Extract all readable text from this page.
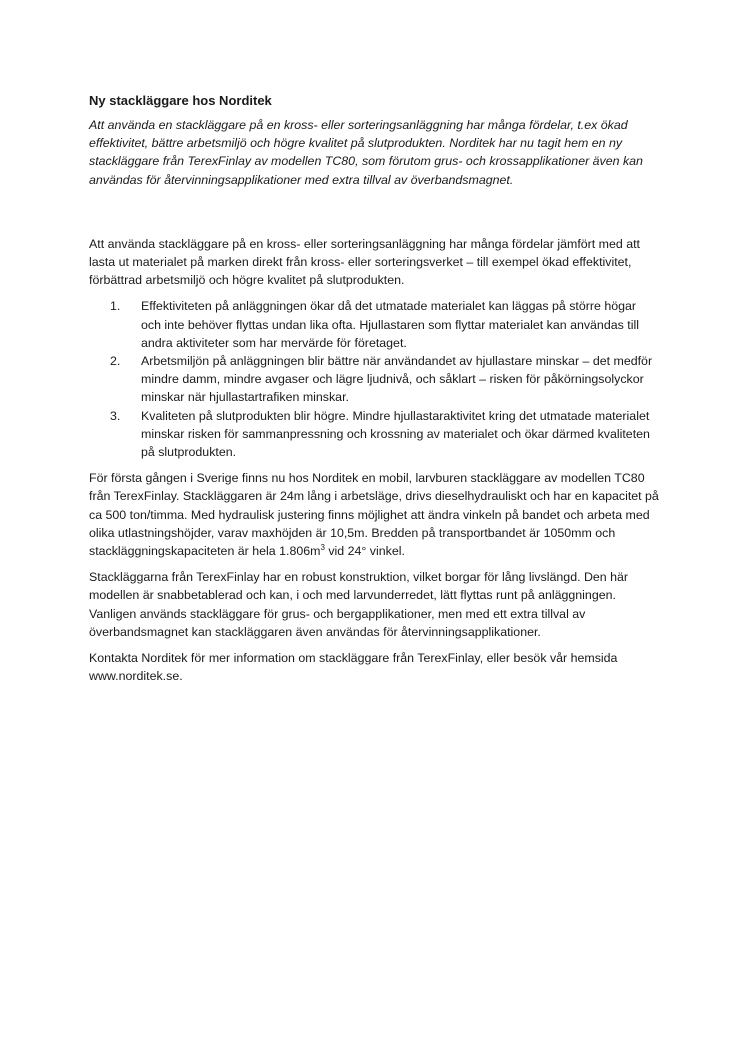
Ny stackläggare hos Norditek

Att använda en stackläggare på en kross- eller sorteringsanläggning har många fördelar, t.ex ökad effektivitet, bättre arbetsmiljö och högre kvalitet på slutprodukten. Norditek har nu tagit hem en ny stackläggare från TerexFinlay av modellen TC80, som förutom grus- och krossapplikationer även kan användas för återvinningsapplikationer med extra tillval av överbandsmagnet.

Att använda stackläggare på en kross- eller sorteringsanläggning har många fördelar jämfört med att lasta ut materialet på marken direkt från kross- eller sorteringsverket – till exempel ökad effektivitet, förbättrad arbetsmiljö och högre kvalitet på slutprodukten.

1.	Effektiviteten på anläggningen ökar då det utmatade materialet kan läggas på större högar och inte behöver flyttas undan lika ofta. Hjullastaren som flyttar materialet kan användas till andra aktiviteter som har mervärde för företaget.
2.	Arbetsmiljön på anläggningen blir bättre när användandet av hjullastare minskar – det medför mindre damm, mindre avgaser och lägre ljudnivå, och såklart – risken för påkörningsolyckor minskar när hjullastartrafiken minskar.
3.	Kvaliteten på slutprodukten blir högre. Mindre hjullastaraktivitet kring det utmatade materialet minskar risken för sammanpressning och krossning av materialet och ökar därmed kvaliteten på slutprodukten.

För första gången i Sverige finns nu hos Norditek en mobil, larvburen stackläggare av modellen TC80 från TerexFinlay. Stackläggaren är 24m lång i arbetsläge, drivs dieselhydrauliskt och har en kapacitet på ca 500 ton/timma. Med hydraulisk justering finns möjlighet att ändra vinkeln på bandet och arbeta med olika utlastningshöjder, varav maxhöjden är 10,5m. Bredden på transportbandet är 1050mm och stackläggningskapaciteten är hela $1.806m^3$ vid 24° vinkel.

Stackläggarna från TerexFinlay har en robust konstruktion, vilket borgar för lång livslängd. Den här modellen är snabbetablerad och kan, i och med larvunderredet, lätt flyttas runt på anläggningen. Vanligen används stackläggare för grus- och bergapplikationer, men med ett extra tillval av överbandsmagnet kan stackläggaren även användas för återvinningsapplikationer.

Kontakta Norditek för mer information om stackläggare från TerexFinlay, eller besök vår hemsida www.norditek.se.
